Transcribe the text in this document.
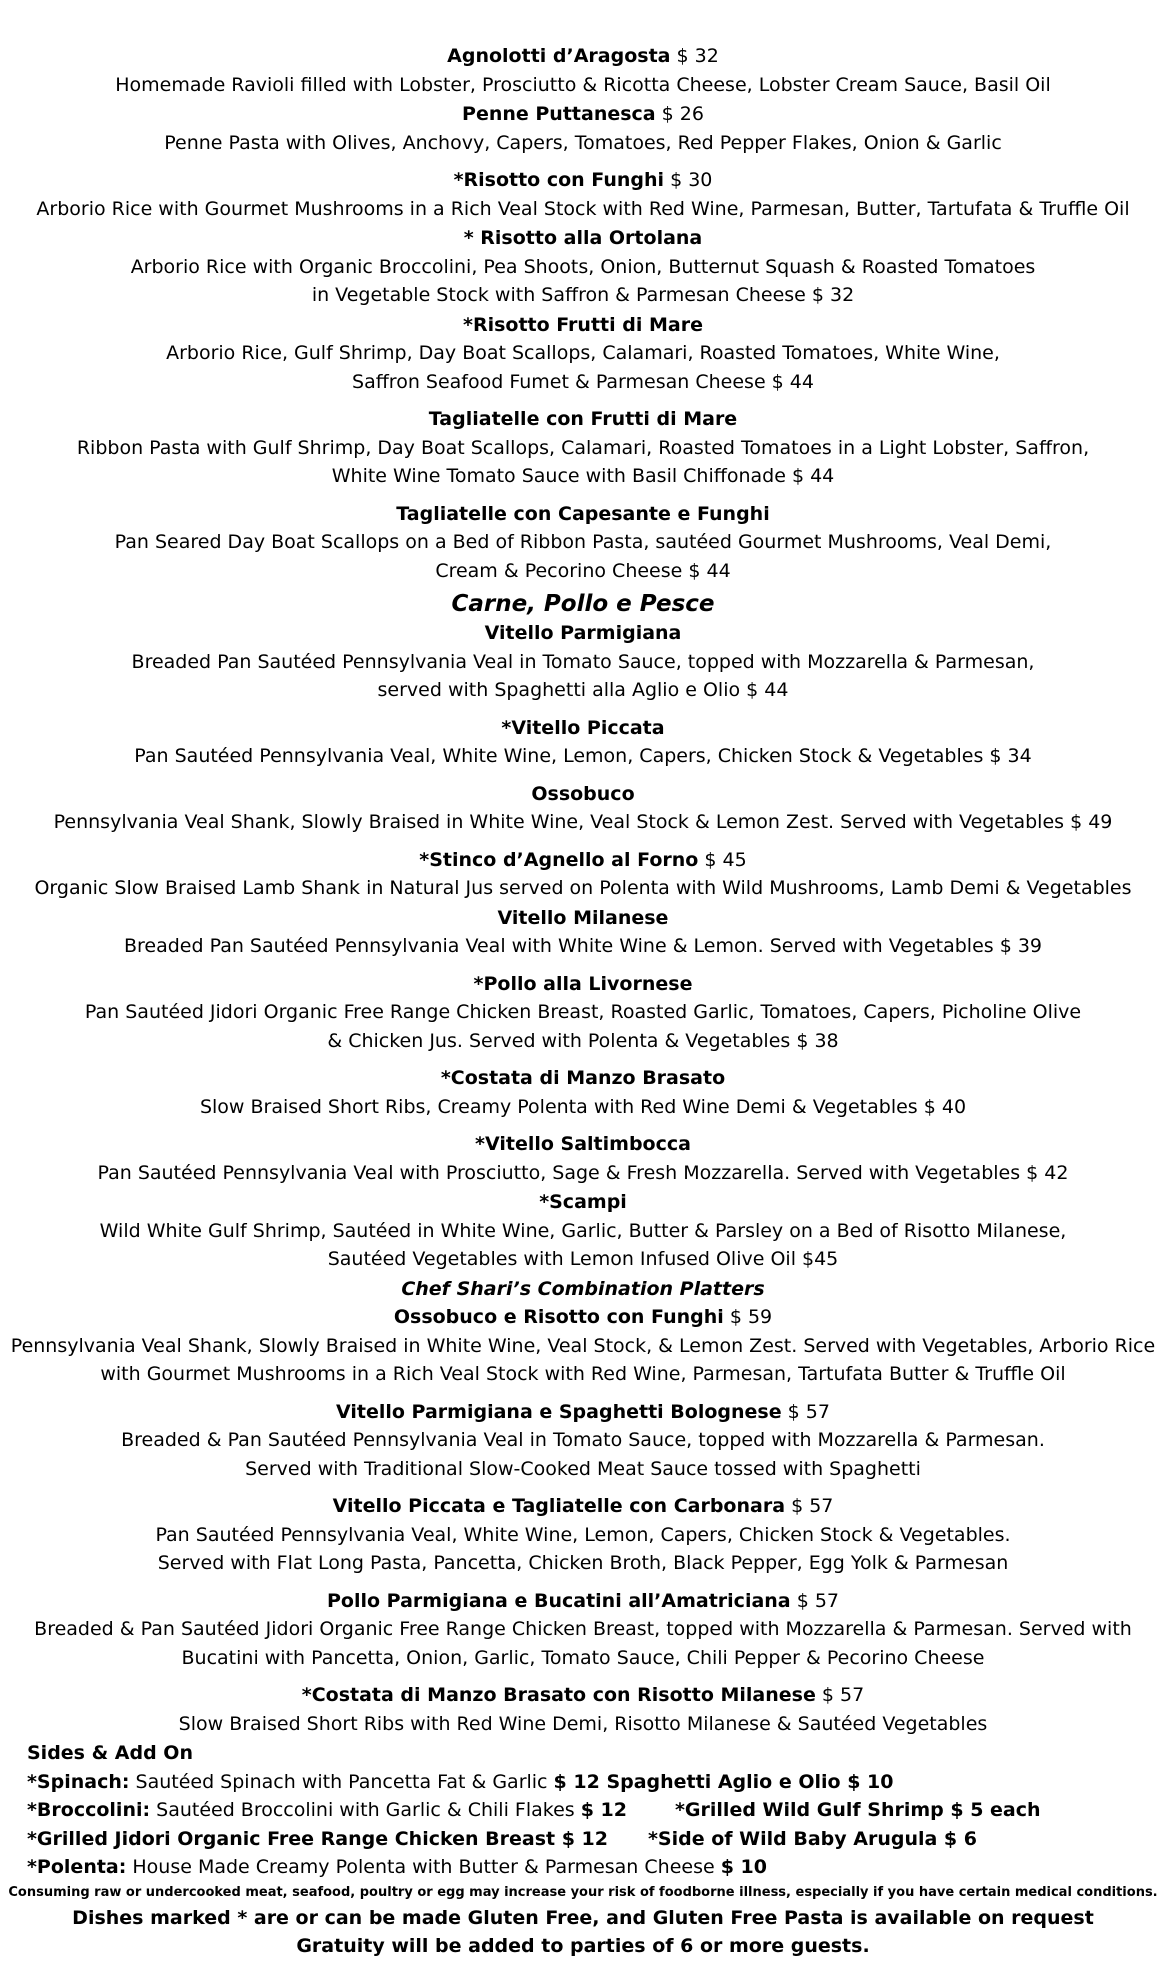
Agnolotti d’Aragosta $ 32
Homemade Ravioli filled with Lobster, Prosciutto & Ricotta Cheese, Lobster Cream Sauce, Basil Oil
Penne Puttanesca $ 26
Penne Pasta with Olives, Anchovy, Capers, Tomatoes, Red Pepper Flakes, Onion & Garlic
*Risotto con Funghi $ 30
Arborio Rice with Gourmet Mushrooms in a Rich Veal Stock with Red Wine, Parmesan, Butter, Tartufata & Truffle Oil
* Risotto alla Ortolana
Arborio Rice with Organic Broccolini, Pea Shoots, Onion, Butternut Squash & Roasted Tomatoes
in Vegetable Stock with Saffron & Parmesan Cheese $ 32
*Risotto Frutti di Mare
Arborio Rice, Gulf Shrimp, Day Boat Scallops, Calamari, Roasted Tomatoes, White Wine,
Saffron Seafood Fumet & Parmesan Cheese $ 44
Tagliatelle con Frutti di Mare
Ribbon Pasta with Gulf Shrimp, Day Boat Scallops, Calamari, Roasted Tomatoes in a Light Lobster, Saffron,
White Wine Tomato Sauce with Basil Chiffonade $ 44
Tagliatelle con Capesante e Funghi
Pan Seared Day Boat Scallops on a Bed of Ribbon Pasta, sautéed Gourmet Mushrooms, Veal Demi,
Cream & Pecorino Cheese $ 44
Carne, Pollo e Pesce
Vitello Parmigiana
Breaded Pan Sautéed Pennsylvania Veal in Tomato Sauce, topped with Mozzarella & Parmesan,
served with Spaghetti alla Aglio e Olio $ 44
*Vitello Piccata
Pan Sautéed Pennsylvania Veal, White Wine, Lemon, Capers, Chicken Stock & Vegetables $ 34
Ossobuco
Pennsylvania Veal Shank, Slowly Braised in White Wine, Veal Stock & Lemon Zest. Served with Vegetables $ 49
*Stinco d’Agnello al Forno $ 45
Organic Slow Braised Lamb Shank in Natural Jus served on Polenta with Wild Mushrooms, Lamb Demi & Vegetables
Vitello Milanese
Breaded Pan Sautéed Pennsylvania Veal with White Wine & Lemon. Served with Vegetables $ 39
*Pollo alla Livornese
Pan Sautéed Jidori Organic Free Range Chicken Breast, Roasted Garlic, Tomatoes, Capers, Picholine Olive
& Chicken Jus. Served with Polenta & Vegetables $ 38
*Costata di Manzo Brasato
Slow Braised Short Ribs, Creamy Polenta with Red Wine Demi & Vegetables $ 40
*Vitello Saltimbocca
Pan Sautéed Pennsylvania Veal with Prosciutto, Sage & Fresh Mozzarella. Served with Vegetables $ 42
*Scampi
Wild White Gulf Shrimp, Sautéed in White Wine, Garlic, Butter & Parsley on a Bed of Risotto Milanese,
Sautéed Vegetables with Lemon Infused Olive Oil $45
Chef Shari’s Combination Platters
Ossobuco e Risotto con Funghi $ 59
Pennsylvania Veal Shank, Slowly Braised in White Wine, Veal Stock, & Lemon Zest. Served with Vegetables, Arborio Rice
with Gourmet Mushrooms in a Rich Veal Stock with Red Wine, Parmesan, Tartufata Butter & Truffle Oil
Vitello Parmigiana e Spaghetti Bolognese $ 57
Breaded & Pan Sautéed Pennsylvania Veal in Tomato Sauce, topped with Mozzarella & Parmesan.
Served with Traditional Slow-Cooked Meat Sauce tossed with Spaghetti
Vitello Piccata e Tagliatelle con Carbonara $ 57
Pan Sautéed Pennsylvania Veal, White Wine, Lemon, Capers, Chicken Stock & Vegetables.
Served with Flat Long Pasta, Pancetta, Chicken Broth, Black Pepper, Egg Yolk & Parmesan
Pollo Parmigiana e Bucatini all’Amatriciana $ 57
Breaded & Pan Sautéed Jidori Organic Free Range Chicken Breast, topped with Mozzarella & Parmesan. Served with
Bucatini with Pancetta, Onion, Garlic, Tomato Sauce, Chili Pepper & Pecorino Cheese
*Costata di Manzo Brasato con Risotto Milanese $ 57
Slow Braised Short Ribs with Red Wine Demi, Risotto Milanese & Sautéed Vegetables
Sides & Add On
*Spinach: Sautéed Spinach with Pancetta Fat & Garlic $ 12 Spaghetti Aglio e Olio $ 10
*Broccolini: Sautéed Broccolini with Garlic & Chili Flakes $ 12	*Grilled Wild Gulf Shrimp $ 5 each
*Grilled Jidori Organic Free Range Chicken Breast $ 12 *Side of Wild Baby Arugula $ 6
*Polenta: House Made Creamy Polenta with Butter & Parmesan Cheese $ 10
Consuming raw or undercooked meat, seafood, poultry or egg may increase your risk of foodborne illness, especially if you have certain medical conditions.
Dishes marked * are or can be made Gluten Free, and Gluten Free Pasta is available on request
Gratuity will be added to parties of 6 or more guests.
